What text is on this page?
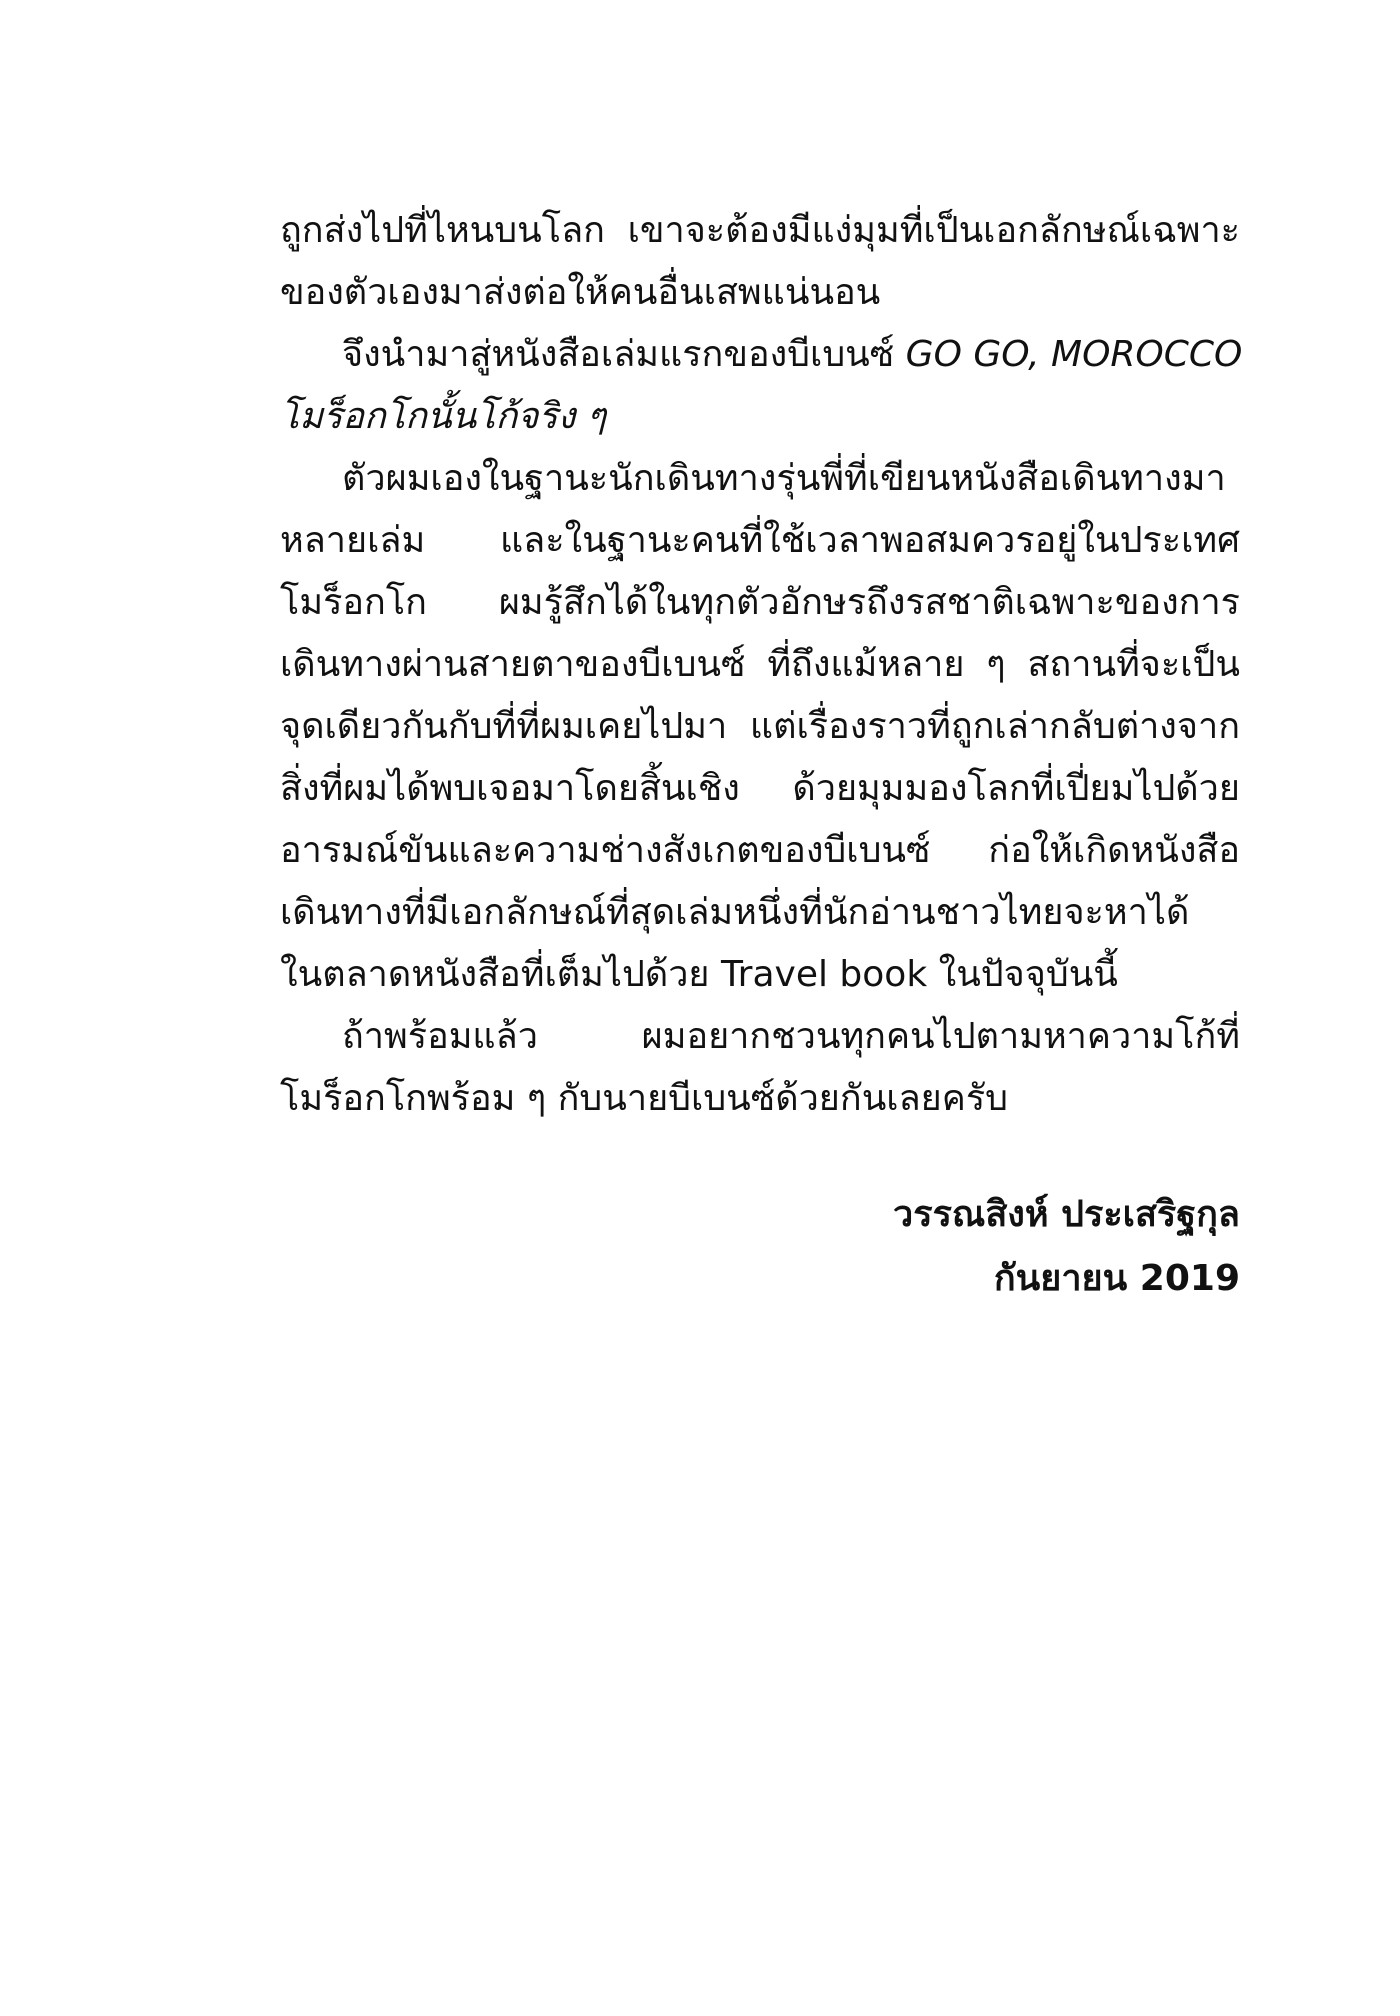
ถูกส่งไปที่ไหนบนโลก เขาจะต้องมีแง่มุมที่เป็นเอกลักษณ์เฉพาะ
ของตัวเองมาส่งต่อให้คนอื่นเสพแน่นอน
จึงนำมาสู่หนังสือเล่มแรกของบีเบนซ์ GO GO, MOROCCO
โมร็อกโกนั้นโก้จริง ๆ
ตัวผมเองในฐานะนักเดินทางรุ่นพี่ที่เขียนหนังสือเดินทางมา
หลายเล่ม และในฐานะคนที่ใช้เวลาพอสมควรอยู่ในประเทศ
โมร็อกโก ผมรู้สึกได้ในทุกตัวอักษรถึงรสชาติเฉพาะของการ
เดินทางผ่านสายตาของบีเบนซ์ ที่ถึงแม้หลาย ๆ สถานที่จะเป็น
จุดเดียวกันกับที่ที่ผมเคยไปมา แต่เรื่องราวที่ถูกเล่ากลับต่างจาก
สิ่งที่ผมได้พบเจอมาโดยสิ้นเชิง ด้วยมุมมองโลกที่เปี่ยมไปด้วย
อารมณ์ขันและความช่างสังเกตของบีเบนซ์ ก่อให้เกิดหนังสือ
เดินทางที่มีเอกลักษณ์ที่สุดเล่มหนึ่งที่นักอ่านชาวไทยจะหาได้
ในตลาดหนังสือที่เต็มไปด้วย Travel book ในปัจจุบันนี้
ถ้าพร้อมแล้ว ผมอยากชวนทุกคนไปตามหาความโก้ที่
โมร็อกโกพร้อม ๆ กับนายบีเบนซ์ด้วยกันเลยครับ
วรรณสิงห์ ประเสริฐกุล
กันยายน 2019
